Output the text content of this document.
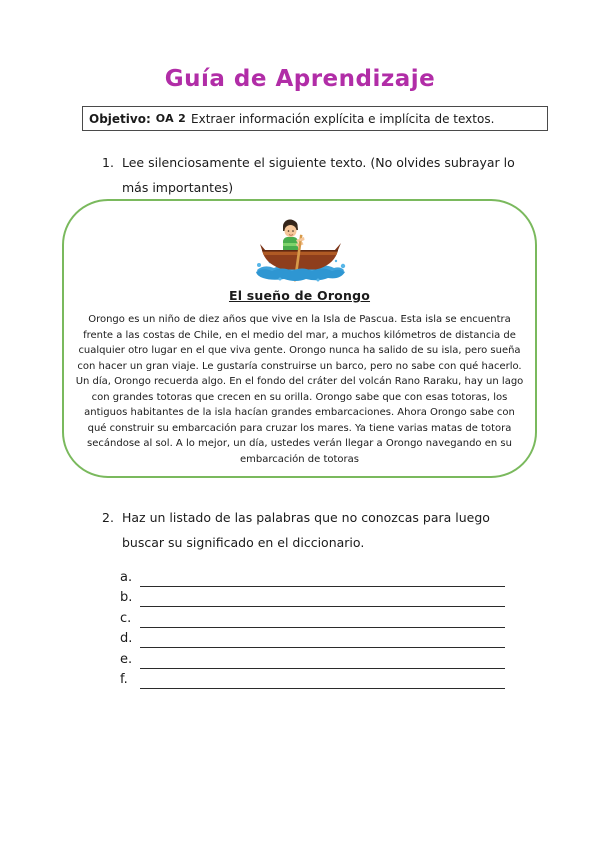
Guía de Aprendizaje
Objetivo: OA 2 Extraer información explícita e implícita de textos.
1. Lee silenciosamente el siguiente texto. (No olvides subrayar lo más importantes)
El sueño de Orongo

Orongo es un niño de diez años que vive en la Isla de Pascua. Esta isla se encuentra frente a las costas de Chile, en el medio del mar, a muchos kilómetros de distancia de cualquier otro lugar en el que viva gente. Orongo nunca ha salido de su isla, pero sueña con hacer un gran viaje. Le gustaría construirse un barco, pero no sabe con qué hacerlo. Un día, Orongo recuerda algo. En el fondo del cráter del volcán Rano Raraku, hay un lago con grandes totoras que crecen en su orilla. Orongo sabe que con esas totoras, los antiguos habitantes de la isla hacían grandes embarcaciones. Ahora Orongo sabe con qué construir su embarcación para cruzar los mares. Ya tiene varias matas de totora secándose al sol. A lo mejor, un día, ustedes verán llegar a Orongo navegando en su embarcación de totoras

2. Haz un listado de las palabras que no conozcas para luego buscar su significado en el diccionario.
a.
b.
c.
d.
e.
f.
